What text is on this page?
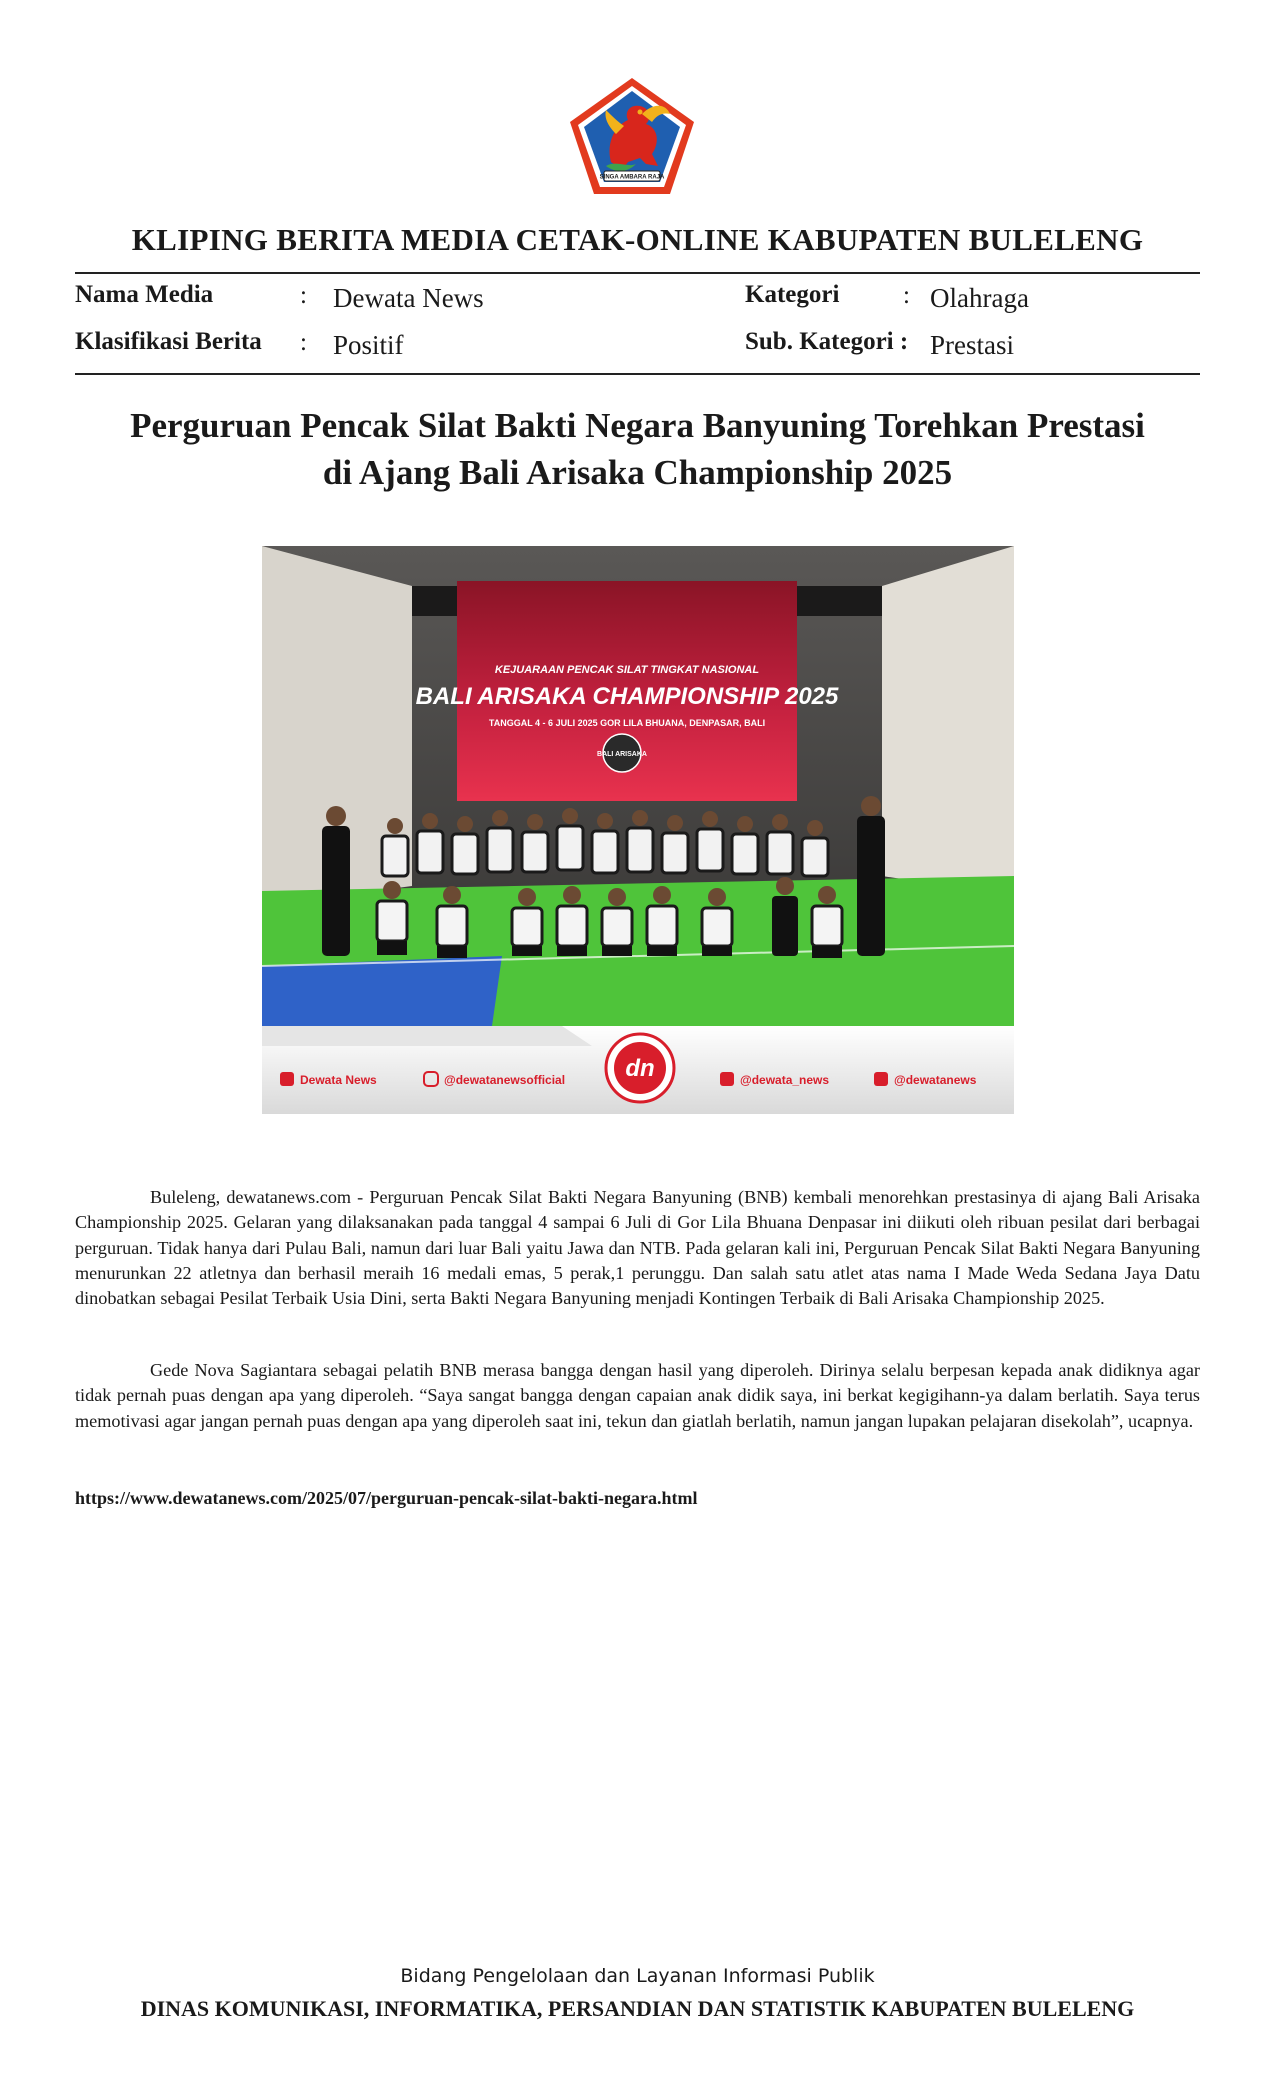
SINGA AMBARA RAJA
KLIPING BERITA MEDIA CETAK-ONLINE KABUPATEN BULELENG
Nama Media	: Dewata News	Kategori	: Olahraga
Klasifikasi Berita : Positif	Sub. Kategori : Prestasi
Perguruan Pencak Silat Bakti Negara Banyuning Torehkan Prestasi
di Ajang Bali Arisaka Championship 2025
KEJUARAAN PENCAK SILAT TINGKAT NASIONAL
BALI ARISAKA CHAMPIONSHIP 2025
TANGGAL 4 - 6 JULI 2025 GOR LILA BHUANA, DENPASAR, BALI
BALI ARISAKA
Dewata News	@dewatanewsofficial	dn	@dewata_news	@dewatanews

Buleleng, dewatanews.com - Perguruan Pencak Silat Bakti Negara Banyuning (BNB) kembali menorehkan prestasinya di ajang Bali Arisaka Championship 2025. Gelaran yang dilaksanakan pada tanggal 4 sampai 6 Juli di Gor Lila Bhuana Denpasar ini diikuti oleh ribuan pesilat dari berbagai perguruan. Tidak hanya dari Pulau Bali, namun dari luar Bali yaitu Jawa dan NTB. Pada gelaran kali ini, Perguruan Pencak Silat Bakti Negara Banyuning menurunkan 22 atletnya dan berhasil meraih 16 medali emas, 5 perak,1 perunggu. Dan salah satu atlet atas nama I Made Weda Sedana Jaya Datu dinobatkan sebagai Pesilat Terbaik Usia Dini, serta Bakti Negara Banyuning menjadi Kontingen Terbaik di Bali Arisaka Championship 2025.

Gede Nova Sagiantara sebagai pelatih BNB merasa bangga dengan hasil yang diperoleh. Dirinya selalu berpesan kepada anak didiknya agar tidak pernah puas dengan apa yang diperoleh. “Saya sangat bangga dengan capaian anak didik saya, ini berkat kegigihann-ya dalam berlatih. Saya terus memotivasi agar jangan pernah puas dengan apa yang diperoleh saat ini, tekun dan giatlah berlatih, namun jangan lupakan pelajaran disekolah”, ucapnya.

https://www.dewatanews.com/2025/07/perguruan-pencak-silat-bakti-negara.html
Bidang Pengelolaan dan Layanan Informasi Publik
DINAS KOMUNIKASI, INFORMATIKA, PERSANDIAN DAN STATISTIK KABUPATEN BULELENG
